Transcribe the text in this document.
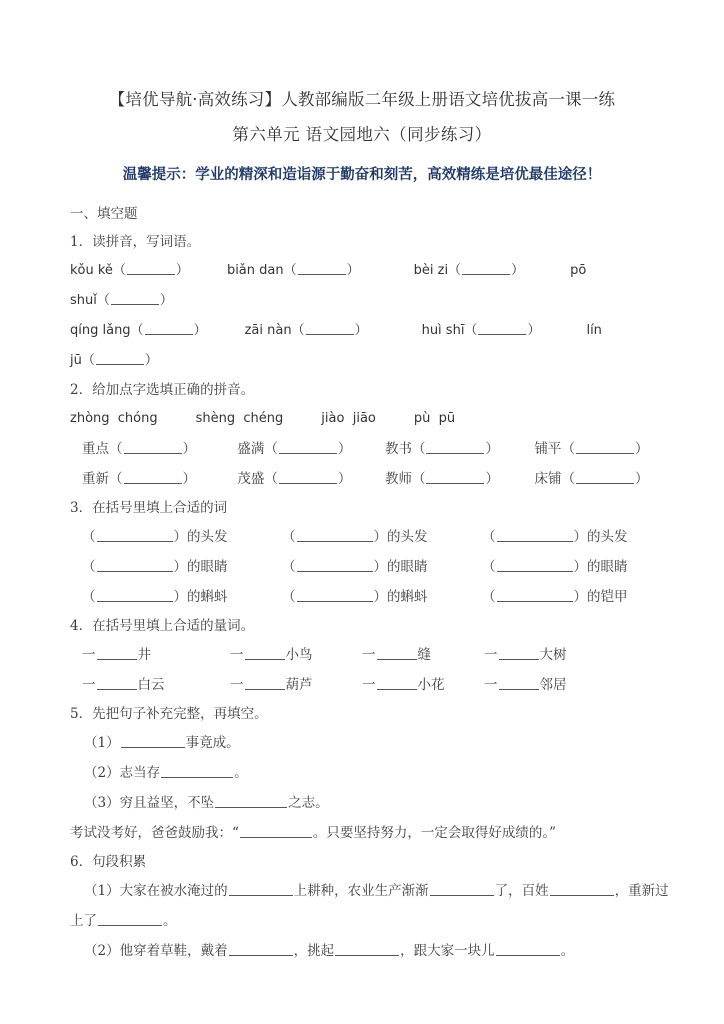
【培优导航·高效练习】人教部编版二年级上册语文培优拔高一课一练
第六单元 语文园地六（同步练习）
温馨提示：学业的精深和造诣源于勤奋和刻苦，高效精练是培优最佳途径！
一、填空题
1．读拼音，写词语。
kǒu kě（	）	biǎn dan（	）	bèi zi（	）	pō
shuǐ（	）
qíng lǎng（	）	zāi nàn（	）	huì shī（	）	lín
jū（	）
2．给加点字选填正确的拼音。
zhòng chóng	shèng chéng	jiào jiāo	pù pū
重点（	）	盛满（	）	教书（	）	铺平（	）
重新（	）	茂盛（	）	教师（	）	床铺（	）
3．在括号里填上合适的词
（	）的头发	（	）的头发	（	）的头发
（	）的眼睛	（	）的眼睛	（	）的眼睛
（	）的蝌蚪	（	）的蝌蚪	（	）的铠甲
4．在括号里填上合适的量词。
一	井	一	小鸟	一	缝	一	大树
一	白云	一	葫芦	一	小花	一	邻居
5．先把句子补充完整，再填空。
（1）	事竟成。
（2）志当存	。
（3）穷且益坚，不坠	之志。
考试没考好，爸爸鼓励我：“	。只要坚持努力，一定会取得好成绩的。”
6．句段积累
（1）大家在被水淹过的	上耕种，农业生产渐渐	了，百姓	，重新过
上了	。
（2）他穿着草鞋，戴着	，挑起	，跟大家一块儿	。
